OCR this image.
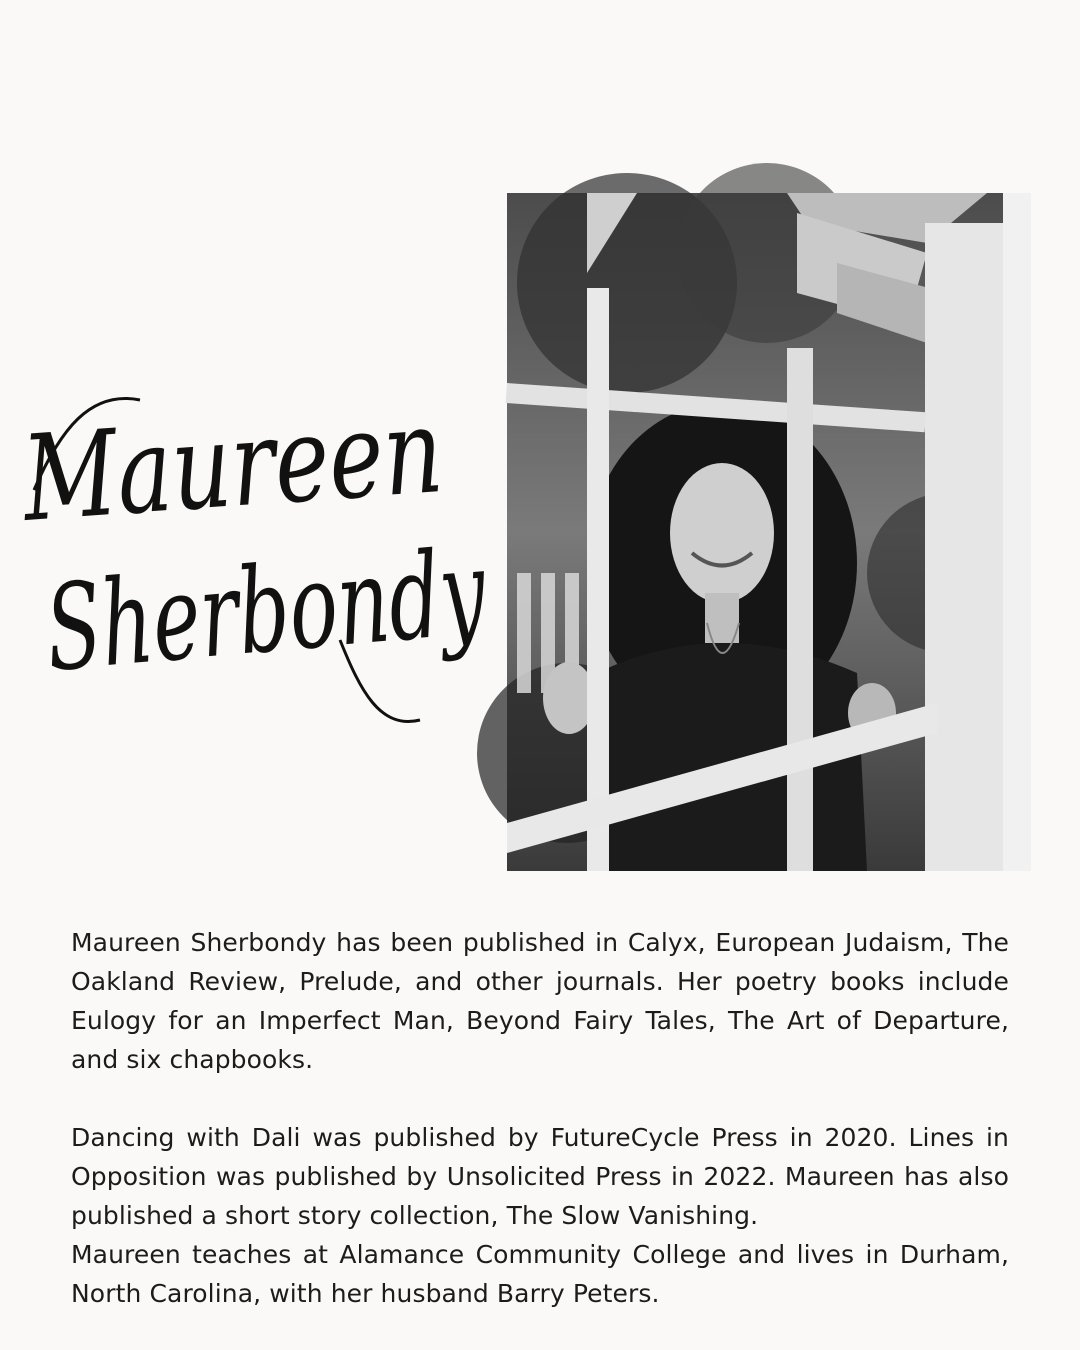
Maureen
Sherbondy

Maureen Sherbondy has been published in Calyx, European Judaism, The Oakland Review, Prelude, and other journals. Her poetry books include Eulogy for an Imperfect Man, Beyond Fairy Tales, The Art of Departure, and six chapbooks.

Dancing with Dali was published by FutureCycle Press in 2020. Lines in Opposition was published by Unsolicited Press in 2022. Maureen has also published a short story collection, The Slow Vanishing.

Maureen teaches at Alamance Community College and lives in Durham, North Carolina, with her husband Barry Peters.
